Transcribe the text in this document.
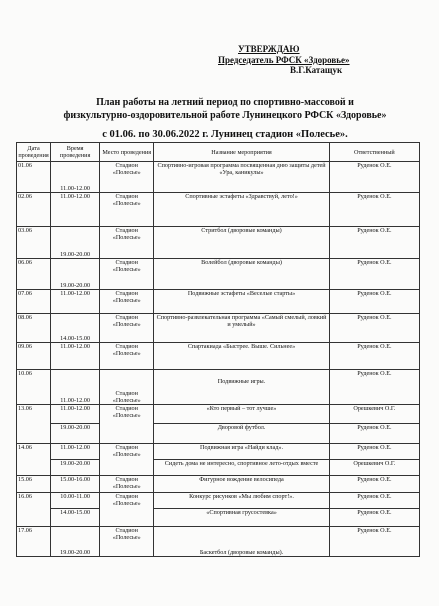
УТВЕРЖДАЮ
Председатель РФСК «Здоровье»
В.Г.Катащук
План работы на летний период по спортивно-массовой и
физкультурно-оздоровительной работе Лунинецкого РФСК «Здоровье»
с 01.06. по 30.06.2022 г. Лунинец стадион «Полесье».
Дата проведения	Время проведения	Место проведения	Название мероприятия	Ответственный
01.06	11.00-12.00	Стадион «Полесье»	Спортивно-игровая программа посвященная дню защиты детей «Ура, каникулы»	Руденок О.Е.
02.06	11.00-12.00	Стадион «Полесье»	Спортивные эстафеты «Здравствуй, лето!»	Руденок О.Е.
03.06	19.00-20.00	Стадион «Полесье»	Стритбол (дворовые команды)	Руденок О.Е.
06.06	19.00-20.00	Стадион «Полесье»	Волейбол (дворовые команды)	Руденок О.Е.
07.06	11.00-12.00	Стадион «Полесье»	Подвижные эстафеты «Веселые старты»	Руденок О.Е.
08.06	14.00-15.00	Стадион «Полесье»	Спортивно-развлекательная программа «Самый смелый, ловкий и умелый»	Руденок О.Е.
09.06	11.00-12.00	Стадион «Полесье»	Спартакиада «Быстрее. Выше. Сильнее»	Руденок О.Е.
10.06	11.00-12.00	Стадион «Полесье»	Подвижные игры.	Руденок О.Е.
13.06	11.00-12.00	Стадион «Полесье»	«Кто первый – тот лучше»	Орешкевич О.Г.
	19.00-20.00		Дворовой футбол.	Руденок О.Е.
14.06	11.00-12.00	Стадион «Полесье»	Подвижная игра «Найди клад».	Руденок О.Е.
	19.00-20.00		Сидеть дома не интересно, спортивное лето-отдых вместе	Орешкевич О.Г.
15.06	15.00-16.00	Стадион «Полесье»	Фигурное вождение велосипеда	Руденок О.Е.
16.06	10.00-11.00	Стадион «Полесье»	Конкурс рисунков «Мы любим спорт!».	Руденок О.Е.
	14.00-15.00		«Спортивная грусостевка»	Руденок О.Е.
17.06	19.00-20.00	Стадион «Полесье»	Баскетбол (дворовые команды).	Руденок О.Е.
